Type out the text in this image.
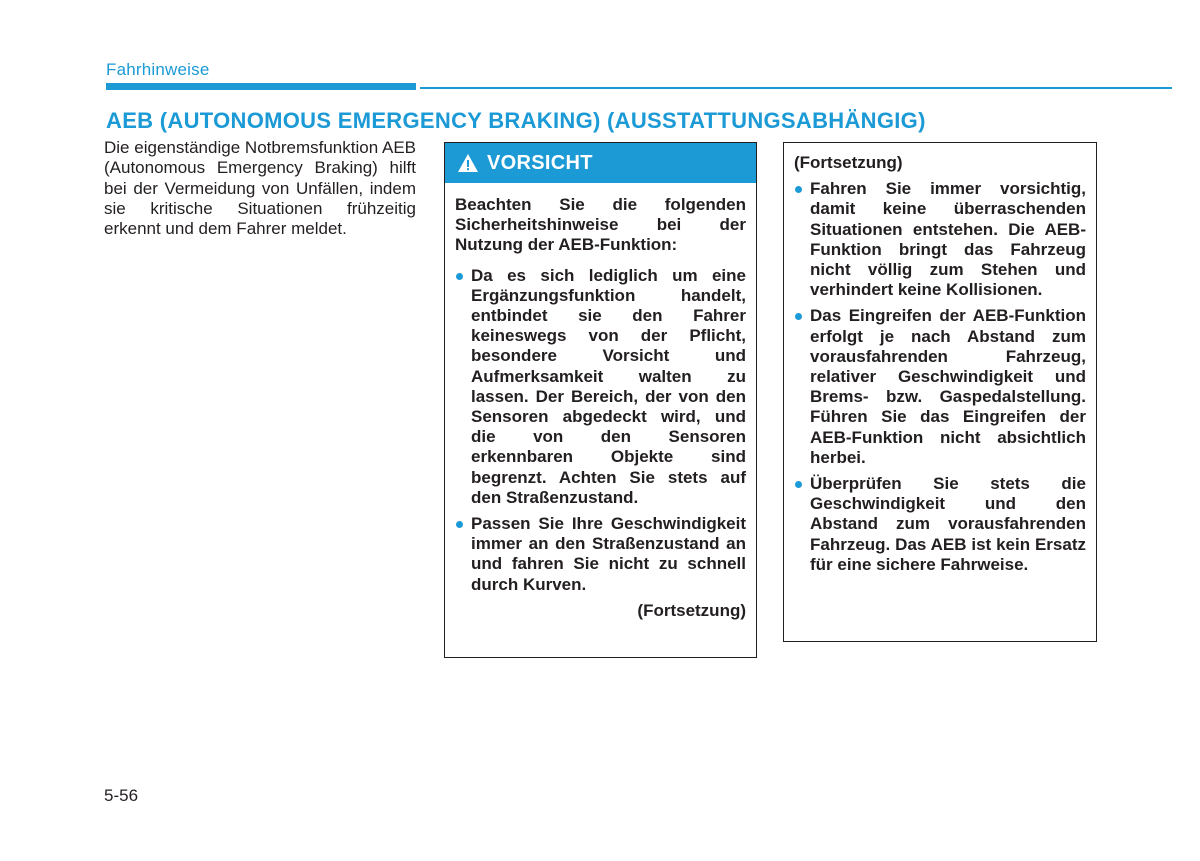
Fahrhinweise
AEB (AUTONOMOUS EMERGENCY BRAKING) (AUSSTATTUNGSABHÄNGIG)
Die eigenständige Notbremsfunktion AEB (Autonomous Emergency Braking) hilft bei der Vermeidung von Unfällen, indem sie kritische Situationen frühzeitig erkennt und dem Fahrer meldet.
VORSICHT
Beachten Sie die folgenden Sicherheitshinweise bei der Nutzung der AEB-Funktion:
Da es sich lediglich um eine Ergänzungsfunktion handelt, entbindet sie den Fahrer keineswegs von der Pflicht, besondere Vorsicht und Aufmerksamkeit walten zu lassen. Der Bereich, der von den Sensoren abgedeckt wird, und die von den Sensoren erkennbaren Objekte sind begrenzt. Achten Sie stets auf den Straßenzustand.
Passen Sie Ihre Geschwindigkeit immer an den Straßenzustand an und fahren Sie nicht zu schnell durch Kurven.
(Fortsetzung)
(Fortsetzung)
Fahren Sie immer vorsichtig, damit keine überraschenden Situationen entstehen. Die AEB-Funktion bringt das Fahrzeug nicht völlig zum Stehen und verhindert keine Kollisionen.
Das Eingreifen der AEB-Funktion erfolgt je nach Abstand zum vorausfahrenden Fahrzeug, relativer Geschwindigkeit und Brems- bzw. Gaspedalstellung. Führen Sie das Eingreifen der AEB-Funktion nicht absichtlich herbei.
Überprüfen Sie stets die Geschwindigkeit und den Abstand zum vorausfahrenden Fahrzeug. Das AEB ist kein Ersatz für eine sichere Fahrweise.
5-56
